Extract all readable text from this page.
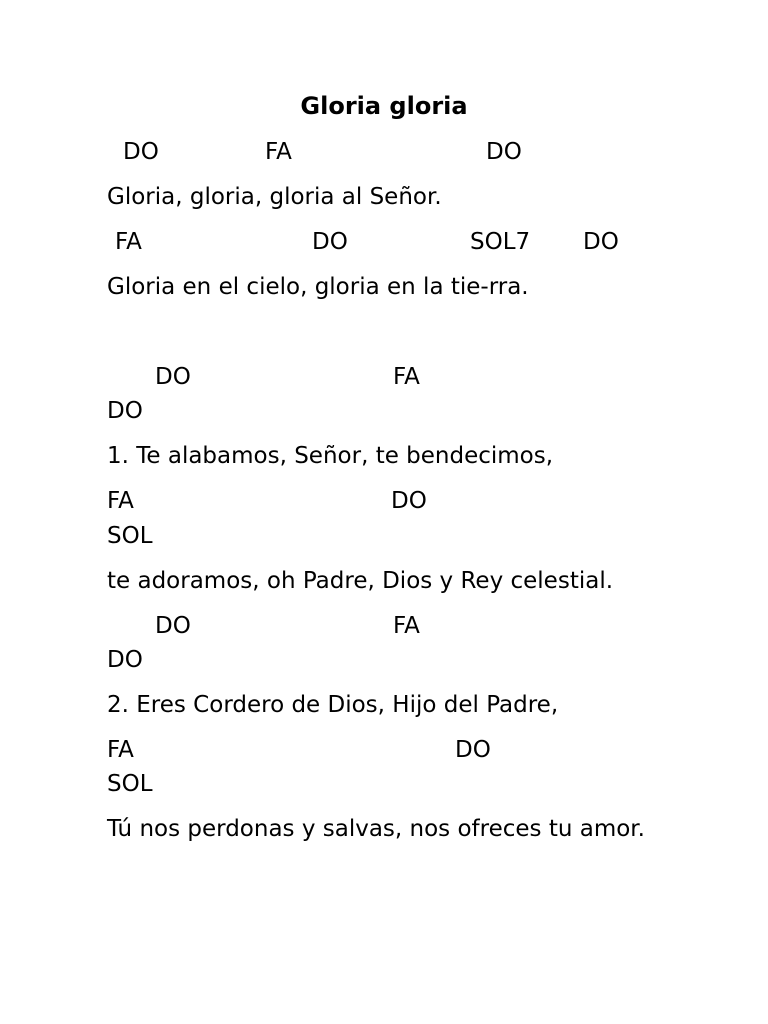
Gloria gloria
DO	FA	DO
Gloria, gloria, gloria al Señor.
FA	DO	SOL7 DO
Gloria en el cielo, gloria en la tie-rra.
DO	FA
DO
1. Te alabamos, Señor, te bendecimos,
FA	DO
SOL
te adoramos, oh Padre, Dios y Rey celestial.
DO	FA
DO
2. Eres Cordero de Dios, Hijo del Padre,
FA	DO
SOL
Tú nos perdonas y salvas, nos ofreces tu amor.
